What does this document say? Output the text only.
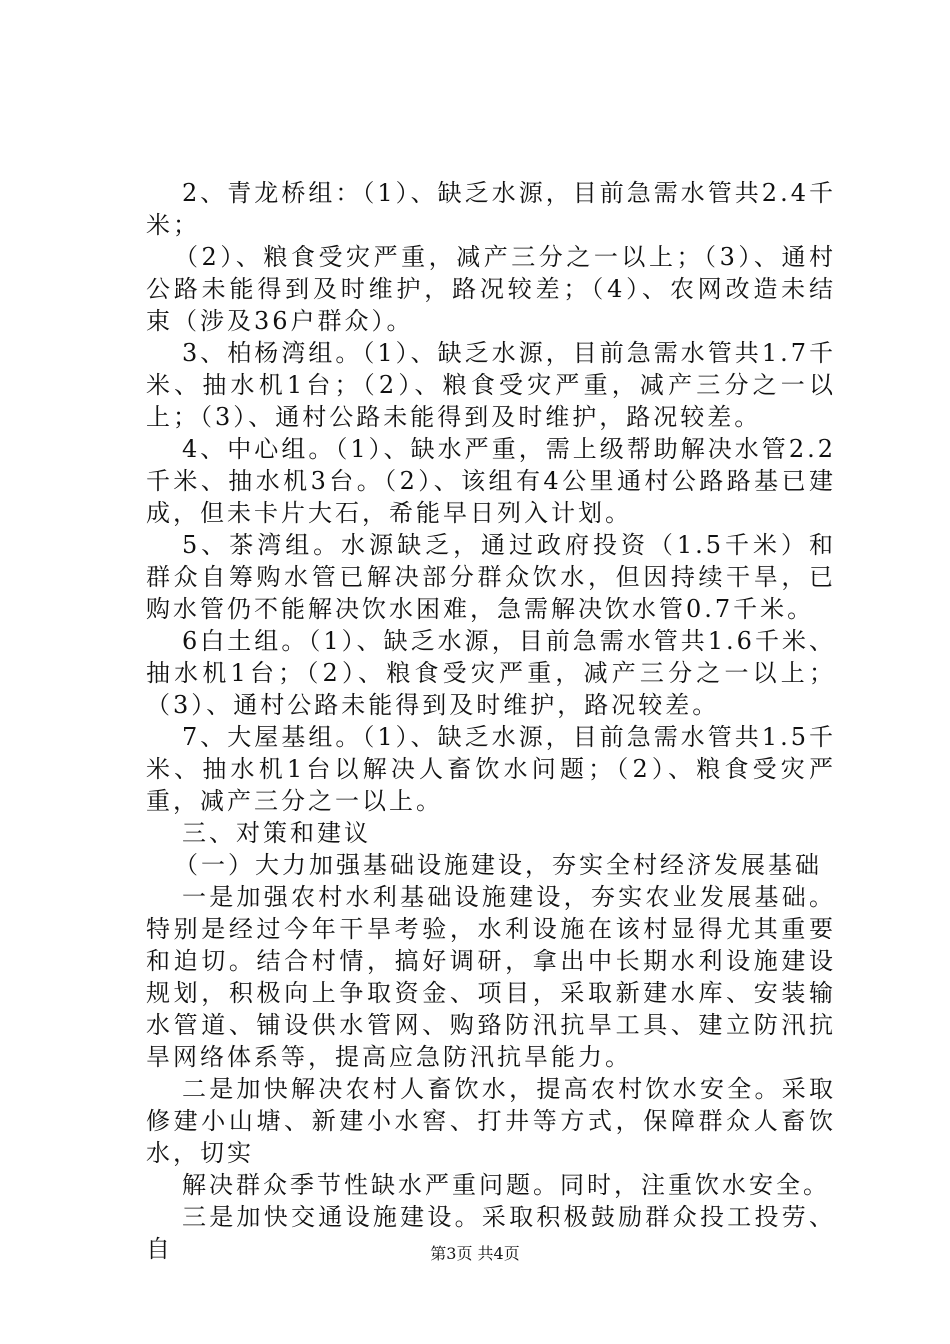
2、青龙桥组：（1）、缺乏水源，目前急需水管共2.4千米；

（2）、粮食受灾严重，减产三分之一以上；（3）、通村公路未能得到及时维护，路况较差；（4）、农网改造未结束（涉及36户群众）。

3、柏杨湾组。（1）、缺乏水源，目前急需水管共1.7千米、抽水机1台；（2）、粮食受灾严重，减产三分之一以上；（3）、通村公路未能得到及时维护，路况较差。

4、中心组。（1）、缺水严重，需上级帮助解决水管2.2千米、抽水机3台。（2）、该组有4公里通村公路路基已建成，但未卡片大石，希能早日列入计划。

5、茶湾组。水源缺乏，通过政府投资（1.5千米）和群众自筹购水管已解决部分群众饮水，但因持续干旱，已购水管仍不能解决饮水困难，急需解决饮水管0.7千米。

6白土组。（1）、缺乏水源，目前急需水管共1.6千米、抽水机1台；（2）、粮食受灾严重，减产三分之一以上；（3）、通村公路未能得到及时维护，路况较差。

7、大屋基组。（1）、缺乏水源，目前急需水管共1.5千米、抽水机1台以解决人畜饮水问题；（2）、粮食受灾严重，减产三分之一以上。

三、对策和建议

（一）大力加强基础设施建设，夯实全村经济发展基础

一是加强农村水利基础设施建设，夯实农业发展基础。特别是经过今年干旱考验，水利设施在该村显得尤其重要和迫切。结合村情，搞好调研，拿出中长期水利设施建设规划，积极向上争取资金、项目，采取新建水库、安装输水管道、铺设供水管网、购臵防汛抗旱工具、建立防汛抗旱网络体系等，提高应急防汛抗旱能力。

二是加快解决农村人畜饮水，提高农村饮水安全。采取修建小山塘、新建小水窖、打井等方式，保障群众人畜饮水，切实

解决群众季节性缺水严重问题。同时，注重饮水安全。

三是加快交通设施建设。采取积极鼓励群众投工投劳、自	第3页 共4页
